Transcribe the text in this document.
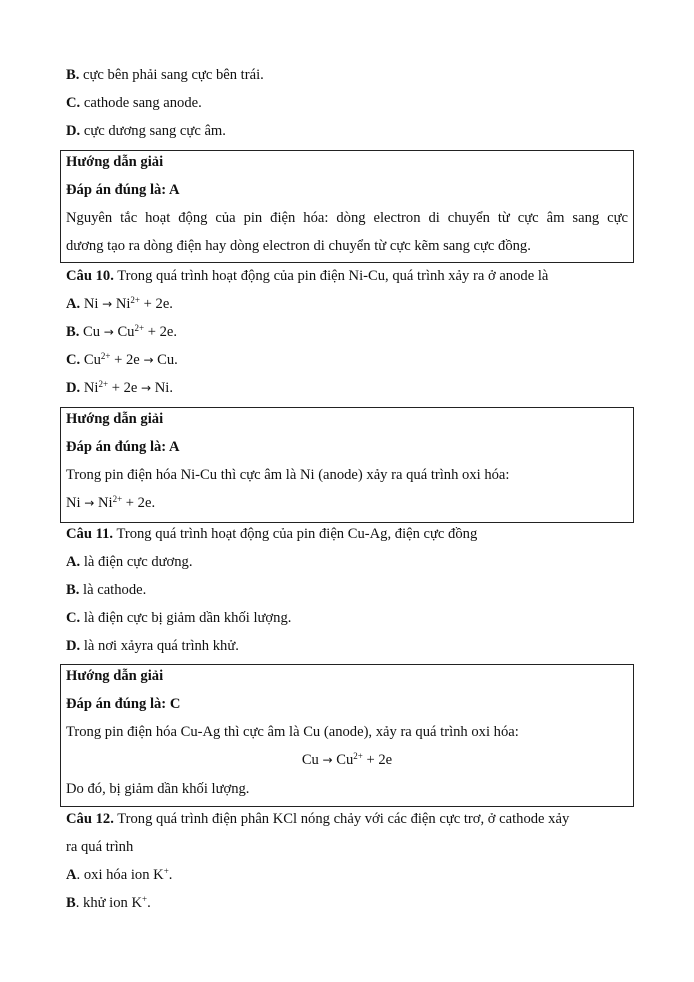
B. cực bên phải sang cực bên trái.
C. cathode sang anode.
D. cực dương sang cực âm.
Hướng dẫn giải
Đáp án đúng là: A
Nguyên tắc hoạt động của pin điện hóa: dòng electron di chuyển từ cực âm sang cực
dương tạo ra dòng điện hay dòng electron di chuyển từ cực kẽm sang cực đồng.
Câu 10. Trong quá trình hoạt động của pin điện Ni-Cu, quá trình xảy ra ở anode là
A. $Ni \to Ni^{2+} + 2e$.
B. $Cu \to Cu^{2+} + 2e$.
C. $Cu^{2+} + 2e \to Cu$.
D. $Ni^{2+} + 2e \to Ni$.
Hướng dẫn giải
Đáp án đúng là: A
Trong pin điện hóa Ni-Cu thì cực âm là Ni (anode) xảy ra quá trình oxi hóa:
$Ni \to Ni^{2+} + 2e$.
Câu 11. Trong quá trình hoạt động của pin điện Cu-Ag, điện cực đồng
A. là điện cực dương.
B. là cathode.
C. là điện cực bị giảm dần khối lượng.
D. là nơi xảyra quá trình khử.
Hướng dẫn giải
Đáp án đúng là: C
Trong pin điện hóa Cu-Ag thì cực âm là Cu (anode), xảy ra quá trình oxi hóa:
$Cu \to Cu^{2+} + 2e$
Do đó, bị giảm dần khối lượng.
Câu 12. Trong quá trình điện phân KCl nóng chảy với các điện cực trơ, ở cathode xảy
ra quá trình
A. oxi hóa ion K+.
B. khử ion K+.
